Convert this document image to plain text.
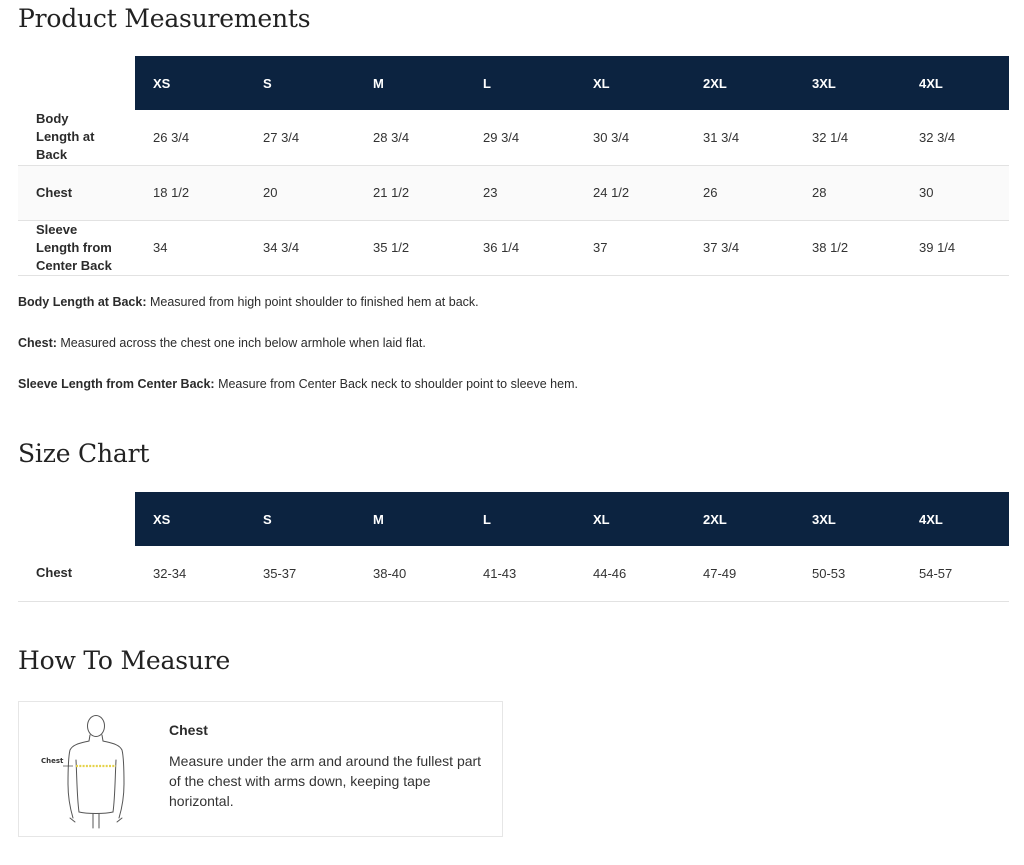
Product Measurements
	XS	S	M	L	XL	2XL	3XL	4XL
Body Length at Back	26 3/4	27 3/4	28 3/4	29 3/4	30 3/4	31 3/4	32 1/4	32 3/4
Chest	18 1/2	20	21 1/2	23	24 1/2	26	28	30
Sleeve Length from Center Back	34	34 3/4	35 1/2	36 1/4	37	37 3/4	38 1/2	39 1/4

Body Length at Back: Measured from high point shoulder to finished hem at back.

Chest: Measured across the chest one inch below armhole when laid flat.

Sleeve Length from Center Back: Measure from Center Back neck to shoulder point to sleeve hem.

Size Chart
	XS	S	M	L	XL	2XL	3XL	4XL
Chest	32-34	35-37	38-40	41-43	44-46	47-49	50-53	54-57
How To Measure
Chest
Chest

Measure under the arm and around the fullest part of the chest with arms down, keeping tape horizontal.
